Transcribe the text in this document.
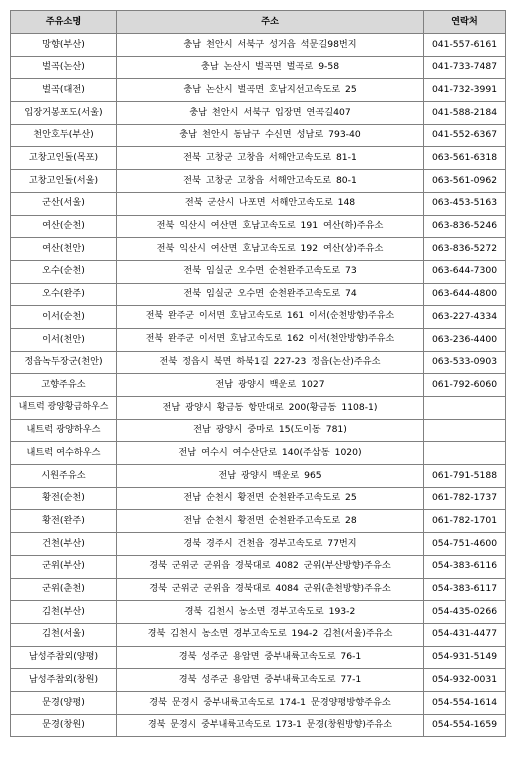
주유소명	주소	연락처
망향(부산)	충남 천안시 서북구 성거읍 석문길98번지	041-557-6161
벌곡(논산)	충남 논산시 벌곡면 벌곡로 9-58	041-733-7487
벌곡(대전)	충남 논산시 벌곡면 호남지선고속도로 25	041-732-3991
입장거봉포도(서울)	충남 천안시 서북구 입장면 연곡길407	041-588-2184
천안호두(부산)	충남 천안시 동남구 수신면 성남로 793-40	041-552-6367
고창고인돌(목포)	전북 고창군 고창읍 서해안고속도로 81-1	063-561-6318
고창고인돌(서울)	전북 고창군 고창읍 서해안고속도로 80-1	063-561-0962
군산(서울)	전북 군산시 나포면 서해안고속도로 148	063-453-5163
여산(순천)	전북 익산시 여산면 호남고속도로 191 여산(하)주유소	063-836-5246
여산(천안)	전북 익산시 여산면 호남고속도로 192 여산(상)주유소	063-836-5272
오수(순천)	전북 임실군 오수면 순천완주고속도로 73	063-644-7300
오수(완주)	전북 임실군 오수면 순천완주고속도로 74	063-644-4800
이서(순천)	전북 완주군 이서면 호남고속도로 161 이서(순천방향)주유소	063-227-4334
이서(천안)	전북 완주군 이서면 호남고속도로 162 이서(천안방향)주유소	063-236-4400
정읍녹두장군(천안)	전북 정읍시 북면 하북1길 227-23 정읍(논산)주유소	063-533-0903
고향주유소	전남 광양시 백운로 1027	061-792-6060
내트럭 광양황금하우스	전남 광양시 황금동 항만대로 200(황금동 1108-1)	
내트럭 광양하우스	전남 광양시 중마로 15(도이동 781)	
내트럭 여수하우스	전남 여수시 여수산단로 140(주삼동 1020)	
시원주유소	전남 광양시 백운로 965	061-791-5188
황전(순천)	전남 순천시 황전면 순천완주고속도로 25	061-782-1737
황전(완주)	전남 순천시 황전면 순천완주고속도로 28	061-782-1701
건천(부산)	경북 경주시 건천읍 경부고속도로 77번지	054-751-4600
군위(부산)	경북 군위군 군위읍 경북대로 4082 군위(부산방향)주유소	054-383-6116
군위(춘천)	경북 군위군 군위읍 경북대로 4084 군위(춘천방향)주유소	054-383-6117
김천(부산)	경북 김천시 농소면 경부고속도로 193-2	054-435-0266
김천(서울)	경북 김천시 농소면 경부고속도로 194-2 김천(서울)주유소	054-431-4477
남성주참외(양평)	경북 성주군 용암면 중부내륙고속도로 76-1	054-931-5149
남성주참외(창원)	경북 성주군 용암면 중부내륙고속도로 77-1	054-932-0031
문경(양평)	경북 문경시 중부내륙고속도로 174-1 문경양평방향주유소	054-554-1614
문경(창원)	경북 문경시 중부내륙고속도로 173-1 문경(창원방향)주유소	054-554-1659
